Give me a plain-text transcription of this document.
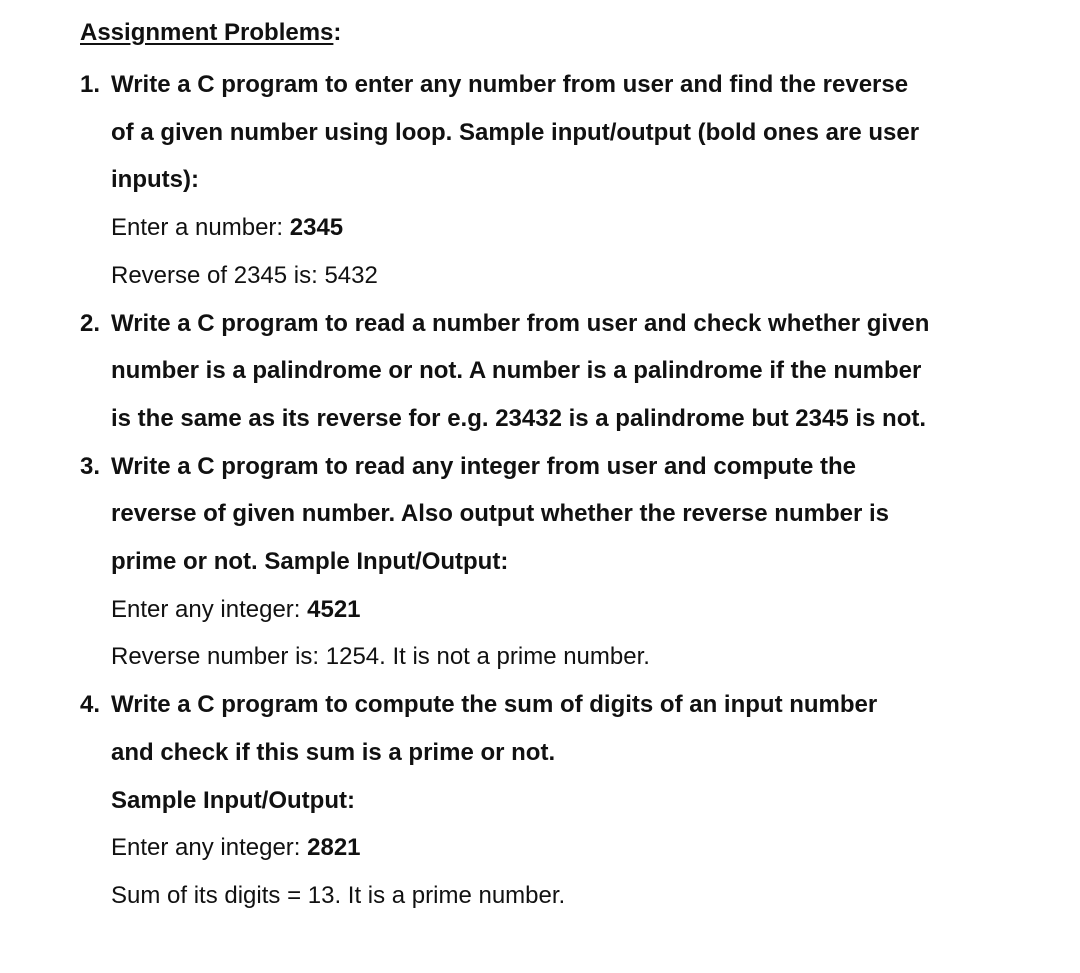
Assignment Problems:
1. Write a C program to enter any number from user and find the reverse

of a given number using loop. Sample input/output (bold ones are user

inputs):

Enter a number: 2345

Reverse of 2345 is: 5432

2. Write a C program to read a number from user and check whether given

number is a palindrome or not. A number is a palindrome if the number

is the same as its reverse for e.g. 23432 is a palindrome but 2345 is not.

3. Write a C program to read any integer from user and compute the

reverse of given number. Also output whether the reverse number is

prime or not. Sample Input/Output:

Enter any integer: 4521

Reverse number is: 1254. It is not a prime number.

4. Write a C program to compute the sum of digits of an input number

and check if this sum is a prime or not.

Sample Input/Output:

Enter any integer: 2821

Sum of its digits = 13. It is a prime number.
